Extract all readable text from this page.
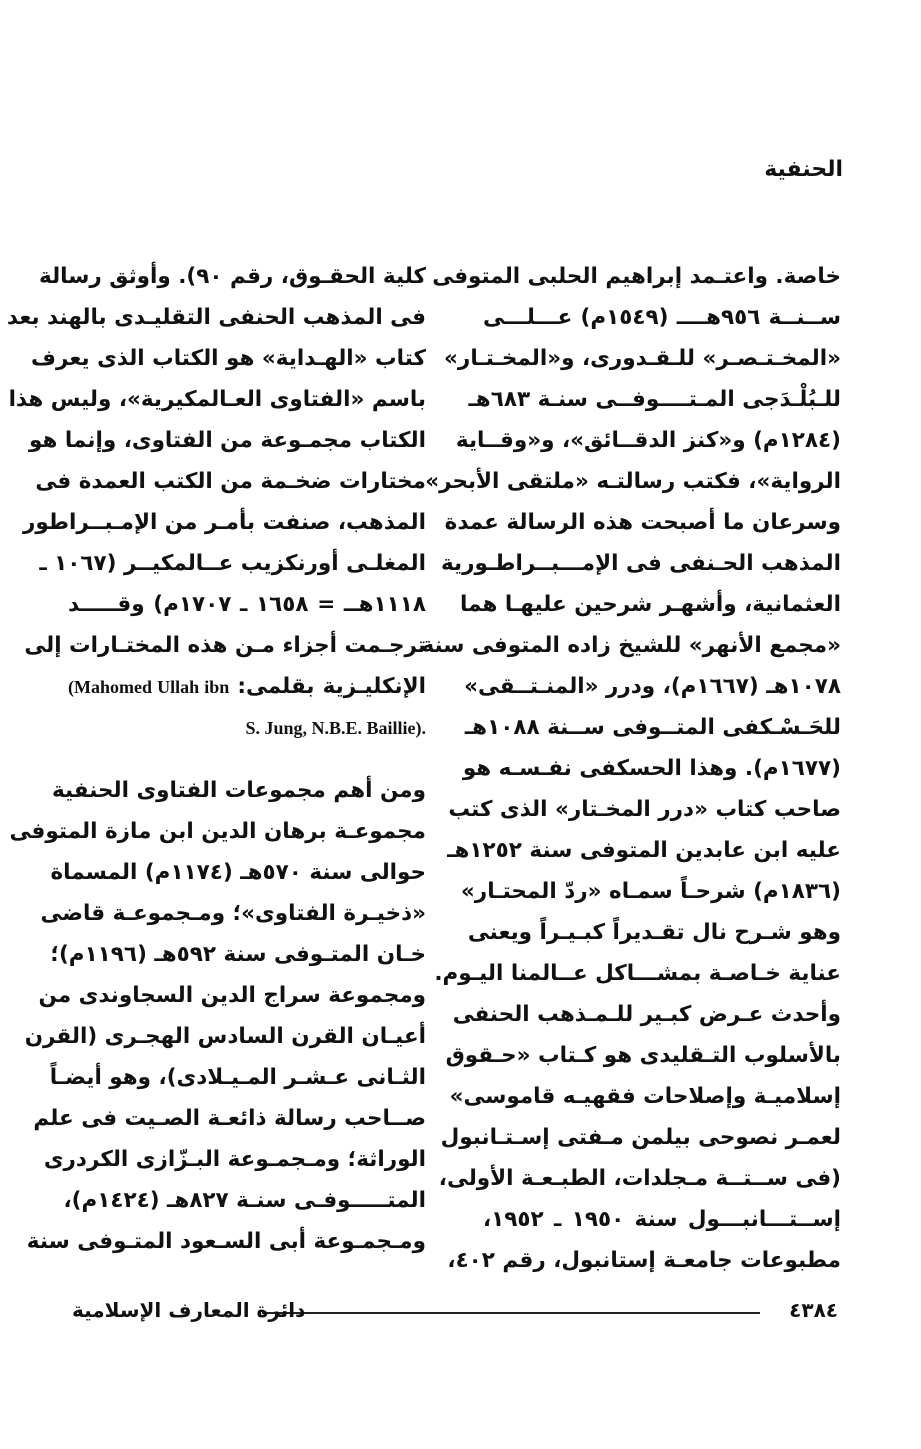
الحنفية
خاصة. واعتـمد إبراهيم الحلبى المتوفى
ســنــة ٩٥٦هــــ (١٥٤٩م) عـــلـــى
«المخـتـصـر» للـقـدورى، و«المخـتـار»
للـبُلْـدَجى المـتــــوفــى سنـة ٦٨٣هـ
(١٢٨٤م) و«كنز الدقــائق»، و«وقــاية
الرواية»، فكتب رسالتـه «ملتقى الأبحر»
وسرعان ما أصبحت هذه الرسالة عمدة
المذهب الحـنفى فى الإمـــبــراطـورية
العثمانية، وأشهـر شرحين عليهـا هما
«مجمع الأنهر» للشيخ زاده المتوفى سنة
١٠٧٨هـ (١٦٦٧م)، ودرر «المنـتــقى»
للحَـسْـكفى المتــوفى ســنة ١٠٨٨هـ
(١٦٧٧م). وهذا الحسكفى نفـسـه هو
صاحب كتاب «درر المخـتار» الذى كتب
عليه ابن عابدين المتوفى سنة ١٢٥٢هـ
(١٨٣٦م) شرحـاً سمـاه «ردّ المحتـار»
وهو شـرح نال تقـديراً كبـيـراً ويعنى
عناية خـاصـة بمشـــاكل عــالمنا اليـوم.
وأحدث عـرض كبـير للـمـذهب الحنفى
بالأسلوب التـقليدى هو كـتاب «حـقوق
إسلاميـة وإصلاحات فقهيـه قاموسى»
لعمـر نصوحى بيلمن مـفتى إسـتـانبول
(فى ســتــة مـجلدات، الطبـعـة الأولى،
إســتـــانبـــول سنة ١٩٥٠ ـ ١٩٥٢،
مطبوعات جامعـة إستانبول، رقم ٤٠٢،
كلية الحقـوق، رقم ٩٠). وأوثق رسالة
فى المذهب الحنفى التقليـدى بالهند بعد
كتاب «الهـداية» هو الكتاب الذى يعرف
باسم «الفتاوى العـالمكيرية»، وليس هذا
الكتاب مجمـوعة من الفتاوى، وإنما هو
مختارات ضخـمة من الكتب العمدة فى
المذهب، صنفت بأمـر من الإمـبــراطور
المغلـى أورنكزيب عــالمكيــر (١٠٦٧ ـ
١١١٨هــ = ١٦٥٨ ـ ١٧٠٧م) وقـــــد
ترجـمت أجزاء مـن هذه المختـارات إلى
الإنكليـزية بقلمى: (Mahomed Ullah ibn
S. Jung, N.B.E. Baillie).
ومن أهم مجموعات الفتاوى الحنفية
مجموعـة برهان الدين ابن مازة المتوفى
حوالى سنة ٥٧٠هـ (١١٧٤م) المسماة
«ذخيـرة الفتاوى»؛ ومـجموعـة قاضى
خـان المتـوفى سنة ٥٩٢هـ (١١٩٦م)؛
ومجموعة سراج الدين السجاوندى من
أعيـان القرن السادس الهجـرى (القرن
الثـانى عـشـر المـيـلادى)، وهو أيضـاً
صــاحب رسالة ذائعـة الصـيت فى علم
الوراثة؛ ومـجمـوعة البـزّازى الكردرى
المتـــــوفـى سنـة ٨٢٧هـ (١٤٢٤م)،
ومـجمـوعة أبى السـعود المتـوفى سنة
٤٣٨٤
دائرة المعارف الإسلامية
